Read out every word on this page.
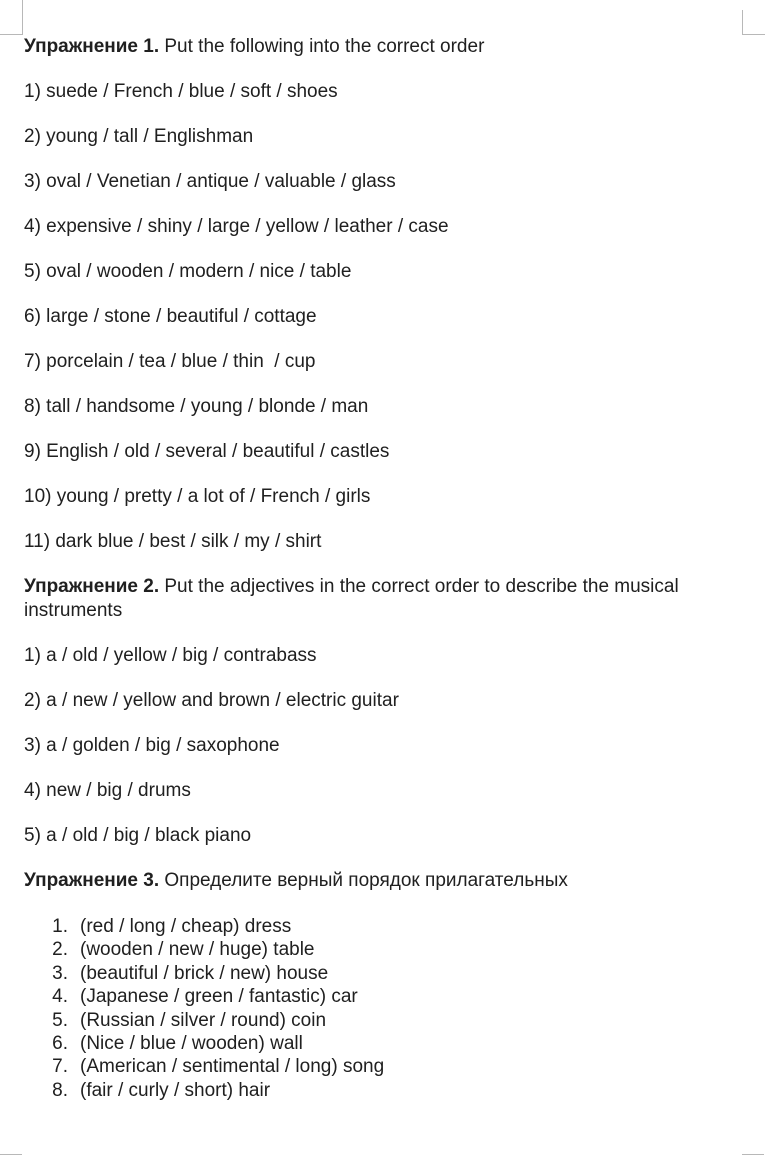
Упражнение 1. Put the following into the correct order

1) suede / French / blue / soft / shoes

2) young / tall / Englishman

3) oval / Venetian / antique / valuable / glass

4) expensive / shiny / large / yellow / leather / case

5) oval / wooden / modern / nice / table

6) large / stone / beautiful / cottage

7) porcelain / tea / blue / thin  / cup

8) tall / handsome / young / blonde / man

9) English / old / several / beautiful / castles

10) young / pretty / a lot of / French / girls

11) dark blue / best / silk / my / shirt

Упражнение 2. Put the adjectives in the correct order to describe the musical

instruments

1) a / old / yellow / big / contrabass

2) a / new / yellow and brown / electric guitar

3) a / golden / big / saxophone

4) new / big / drums

5) a / old / big / black piano

Упражнение 3. Определите верный порядок прилагательных

1. (red / long / cheap) dress
2. (wooden / new / huge) table
3. (beautiful / brick / new) house
4. (Japanese / green / fantastic) car
5. (Russian / silver / round) coin
6. (Nice / blue / wooden) wall
7. (American / sentimental / long) song
8. (fair / curly / short) hair
